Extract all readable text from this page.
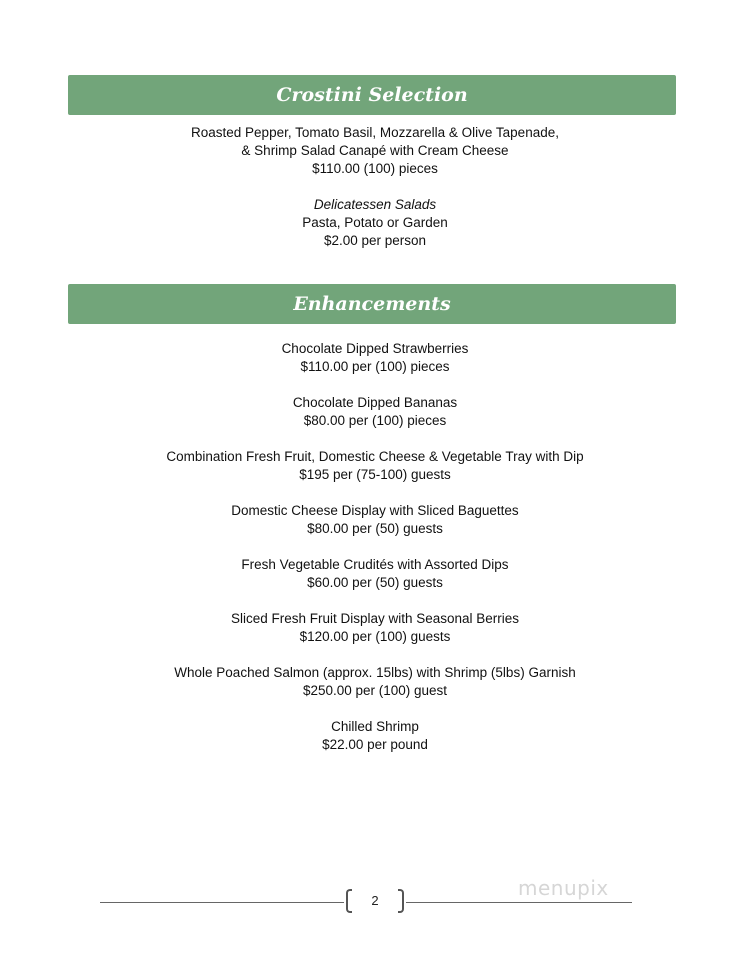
Crostini Selection
Roasted Pepper, Tomato Basil, Mozzarella & Olive Tapenade,
& Shrimp Salad Canapé with Cream Cheese
$110.00 (100) pieces
Delicatessen Salads
Pasta, Potato or Garden
$2.00 per person
Enhancements
Chocolate Dipped Strawberries
$110.00 per (100) pieces
Chocolate Dipped Bananas
$80.00 per (100) pieces
Combination Fresh Fruit, Domestic Cheese & Vegetable Tray with Dip
$195 per (75-100) guests
Domestic Cheese Display with Sliced Baguettes
$80.00 per (50) guests
Fresh Vegetable Crudités with Assorted Dips
$60.00 per (50) guests
Sliced Fresh Fruit Display with Seasonal Berries
$120.00 per (100) guests
Whole Poached Salmon (approx. 15lbs) with Shrimp (5lbs) Garnish
$250.00 per (100) guest
Chilled Shrimp
$22.00 per pound
2
menupix
